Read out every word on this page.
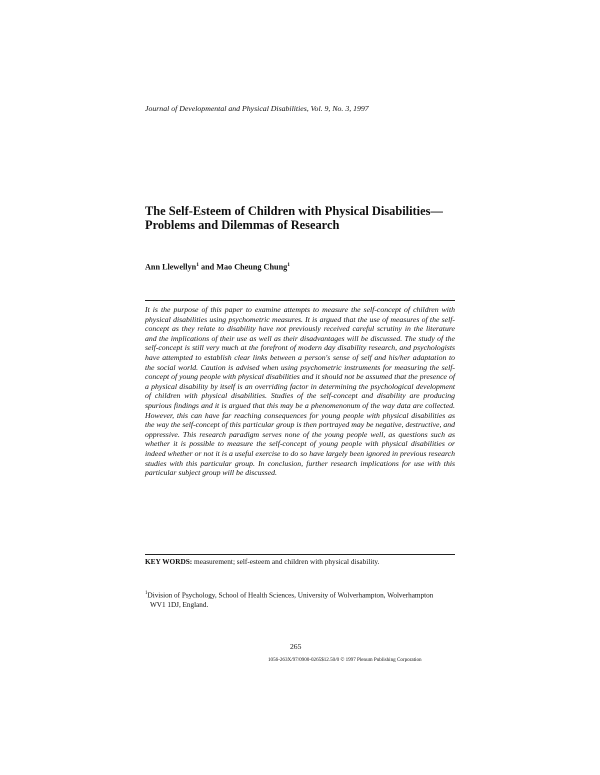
Journal of Developmental and Physical Disabilities, Vol. 9, No. 3, 1997
The Self-Esteem of Children with Physical Disabilities—Problems and Dilemmas of Research
Ann Llewellyn$^1$ and Mao Cheung Chung$^1$
It is the purpose of this paper to examine attempts to measure the self-concept of children with physical disabilities using psychometric measures. It is argued that the use of measures of the self-concept as they relate to disability have not previously received careful scrutiny in the literature and the implications of their use as well as their disadvantages will be discussed. The study of the self-concept is still very much at the forefront of modern day disability research, and psychologists have attempted to establish clear links between a person's sense of self and his/her adaptation to the social world. Caution is advised when using psychometric instruments for measuring the self-concept of young people with physical disabilities and it should not be assumed that the presence of a physical disability by itself is an overriding factor in determining the psychological development of children with physical disabilities. Studies of the self-concept and disability are producing spurious findings and it is argued that this may be a phenomenonum of the way data are collected. However, this can have far reaching consequences for young people with physical disabilities as the way the self-concept of this particular group is then portrayed may be negative, destructive, and oppressive. This research paradigm serves none of the young people well, as questions such as whether it is possible to measure the self-concept of young people with physical disabilities or indeed whether or not it is a useful exercise to do so have largely been ignored in previous research studies with this particular group. In conclusion, further research implications for use with this particular subject group will be discussed.
KEY WORDS: measurement; self-esteem and children with physical disability.
$^1$Division of Psychology, School of Health Sciences, University of Wolverhampton, Wolverhampton
WV1 1DJ, England.
265
1056-263X/97/0900-0265$12.50/0 © 1997 Plenum Publishing Corporation
